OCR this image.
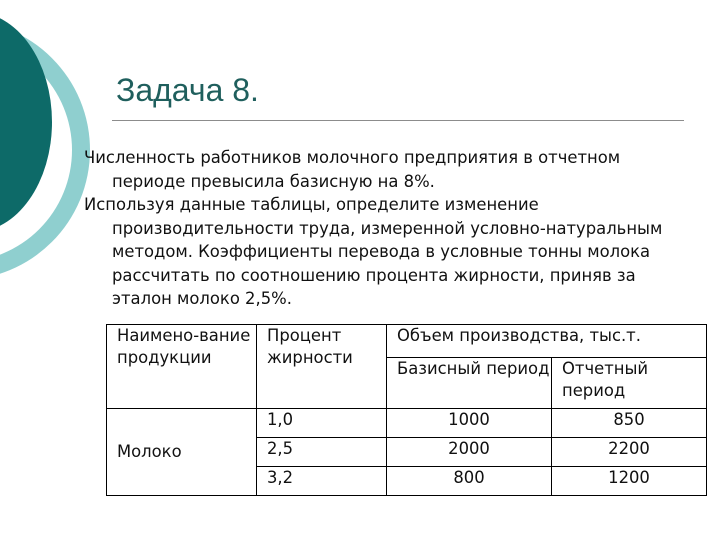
Задача 8.

Численность работников молочного предприятия в отчетном периоде превысила базисную на 8%.

Используя данные таблицы, определите изменение производительности труда, измеренной условно-натуральным методом. Коэффициенты перевода в условные тонны молока рассчитать по соотношению процента жирности, приняв за эталон молоко 2,5%.

Наимено-вание продукции	Процент жирности	Объем производства, тыс.т.	
		Базисный период	Отчетный период
Молоко	1,0	1000	850
	2,5	2000	2200
	3,2	800	1200
